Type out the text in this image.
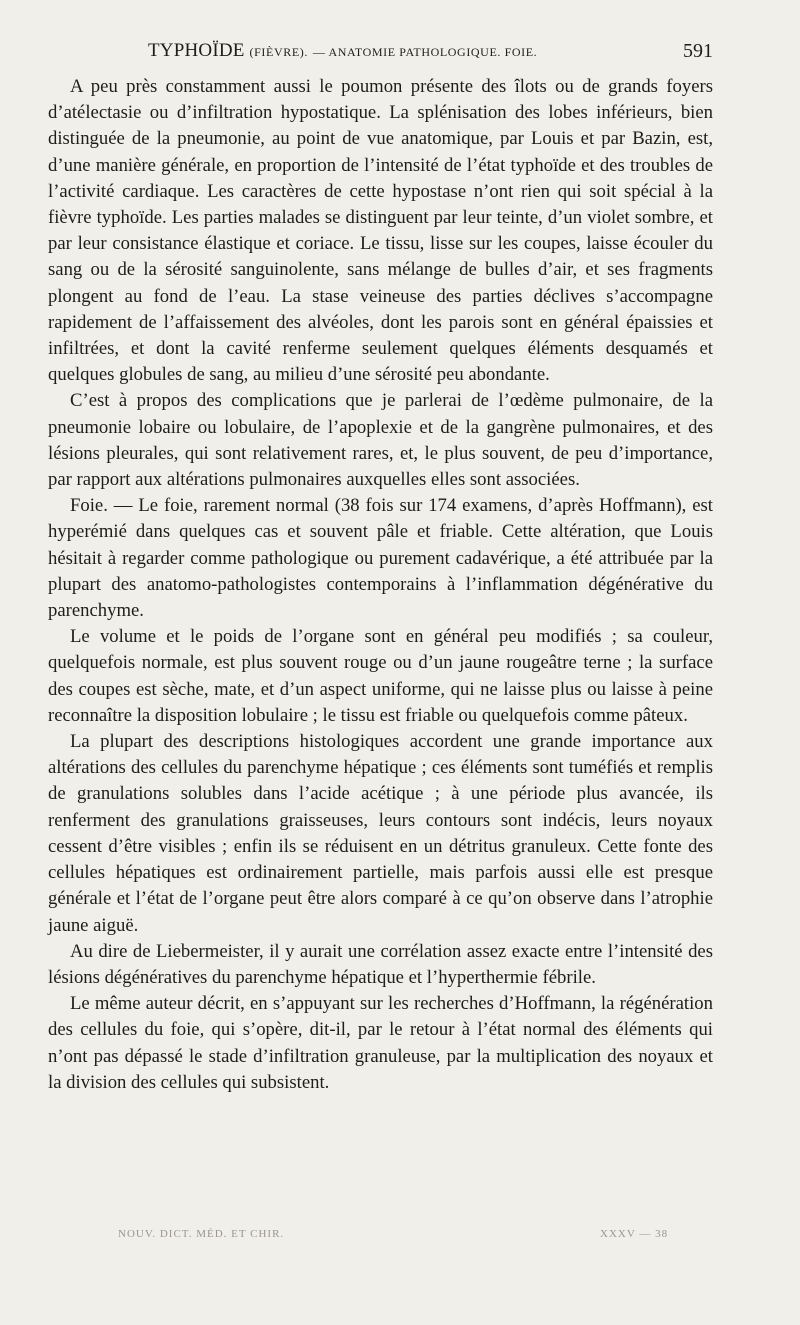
TYPHOÏDE (FIÈVRE). — ANATOMIE PATHOLOGIQUE. FOIE.	591

A peu près constamment aussi le poumon présente des îlots ou de grands foyers d’atélectasie ou d’infiltration hypostatique. La splénisation des lobes inférieurs, bien distinguée de la pneumonie, au point de vue anatomique, par Louis et par Bazin, est, d’une manière générale, en proportion de l’intensité de l’état typhoïde et des troubles de l’activité cardiaque. Les caractères de cette hypostase n’ont rien qui soit spécial à la fièvre typhoïde. Les parties malades se distinguent par leur teinte, d’un violet sombre, et par leur consistance élastique et coriace. Le tissu, lisse sur les coupes, laisse écouler du sang ou de la sérosité sanguinolente, sans mélange de bulles d’air, et ses fragments plongent au fond de l’eau. La stase veineuse des parties déclives s’accompagne rapidement de l’affaissement des alvéoles, dont les parois sont en général épaissies et infiltrées, et dont la cavité renferme seulement quelques éléments desquamés et quelques globules de sang, au milieu d’une sérosité peu abondante.

C’est à propos des complications que je parlerai de l’œdème pulmonaire, de la pneumonie lobaire ou lobulaire, de l’apoplexie et de la gangrène pulmonaires, et des lésions pleurales, qui sont relativement rares, et, le plus souvent, de peu d’importance, par rapport aux altérations pulmonaires auxquelles elles sont associées.

Foie. — Le foie, rarement normal (38 fois sur 174 examens, d’après Hoffmann), est hyperémié dans quelques cas et souvent pâle et friable. Cette altération, que Louis hésitait à regarder comme pathologique ou purement cadavérique, a été attribuée par la plupart des anatomo-pathologistes contemporains à l’inflammation dégénérative du parenchyme.

Le volume et le poids de l’organe sont en général peu modifiés ; sa couleur, quelquefois normale, est plus souvent rouge ou d’un jaune rougeâtre terne ; la surface des coupes est sèche, mate, et d’un aspect uniforme, qui ne laisse plus ou laisse à peine reconnaître la disposition lobulaire ; le tissu est friable ou quelquefois comme pâteux.

La plupart des descriptions histologiques accordent une grande importance aux altérations des cellules du parenchyme hépatique ; ces éléments sont tuméfiés et remplis de granulations solubles dans l’acide acétique ; à une période plus avancée, ils renferment des granulations graisseuses, leurs contours sont indécis, leurs noyaux cessent d’être visibles ; enfin ils se réduisent en un détritus granuleux. Cette fonte des cellules hépatiques est ordinairement partielle, mais parfois aussi elle est presque générale et l’état de l’organe peut être alors comparé à ce qu’on observe dans l’atrophie jaune aiguë.

Au dire de Liebermeister, il y aurait une corrélation assez exacte entre l’intensité des lésions dégénératives du parenchyme hépatique et l’hyperthermie fébrile.

Le même auteur décrit, en s’appuyant sur les recherches d’Hoffmann, la régénération des cellules du foie, qui s’opère, dit-il, par le retour à l’état normal des éléments qui n’ont pas dépassé le stade d’infiltration granuleuse, par la multiplication des noyaux et la division des cellules qui subsistent.

NOUV. DICT. MÉD. ET CHIR.	XXXV — 38
